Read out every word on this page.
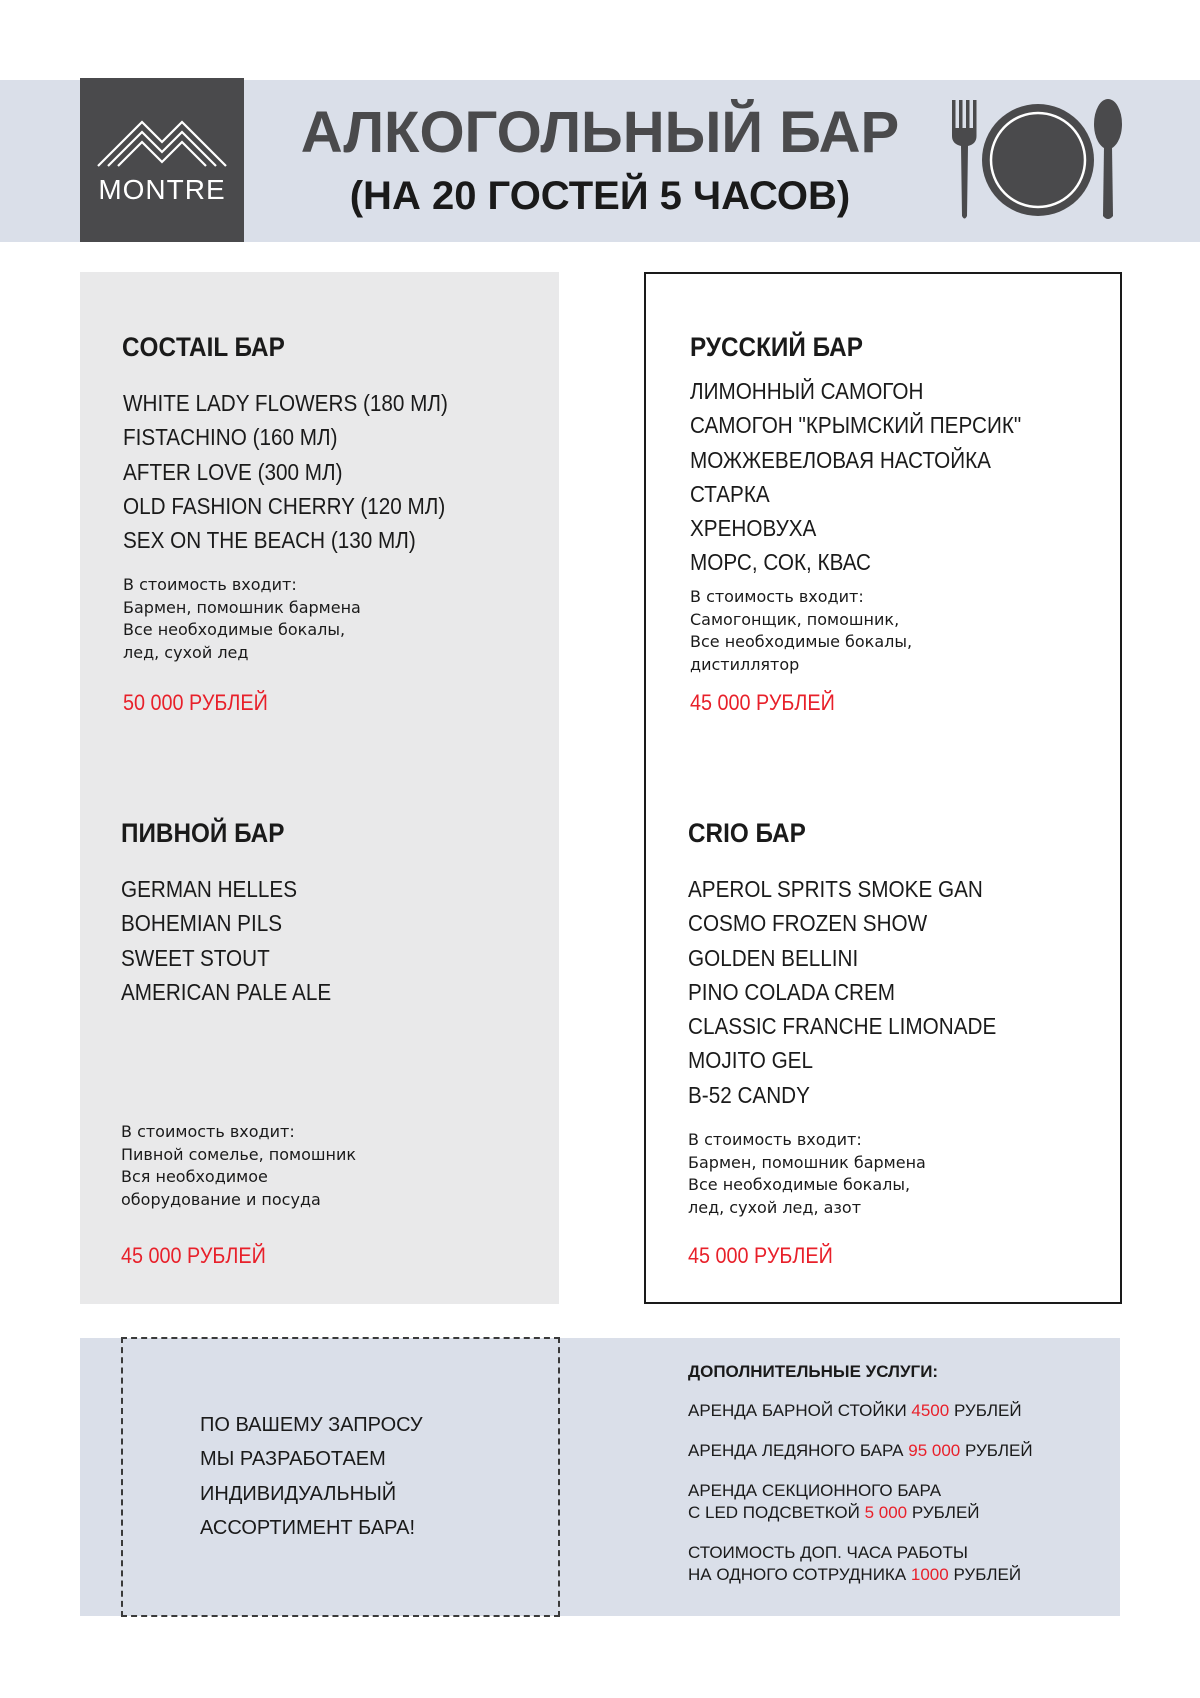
MONTRE
АЛКОГОЛЬНЫЙ БАР
(НА 20 ГОСТЕЙ 5 ЧАСОВ)
COCTAIL БАР
WHITE LADY FLOWERS (180 МЛ)
FISTACHINO (160 МЛ)
AFTER LOVE (300 МЛ)
OLD FASHION CHERRY (120 МЛ)
SEX ON THE BEACH (130 МЛ)
В стоимость входит:
Бармен, помошник бармена
Все необходимые бокалы,
лед, сухой лед
50 000 РУБЛЕЙ
РУССКИЙ БАР
ЛИМОННЫЙ САМОГОН
САМОГОН "КРЫМСКИЙ ПЕРСИК"
МОЖЖЕВЕЛОВАЯ НАСТОЙКА
СТАРКА
ХРЕНОВУХА
МОРС, СОК, КВАС
В стоимость входит:
Самогонщик, помошник,
Все необходимые бокалы,
дистиллятор
45 000 РУБЛЕЙ
ПИВНОЙ БАР
GERMAN HELLES
BOHEMIAN PILS
SWEET STOUT
AMERICAN PALE ALE
В стоимость входит:
Пивной сомелье, помошник
Вся необходимое
оборудование и посуда
45 000 РУБЛЕЙ
CRIO БАР
APEROL SPRITS SMOKE GAN
COSMO FROZEN SHOW
GOLDEN BELLINI
PINO COLADA CREM
CLASSIC FRANCHE LIMONADE
MOJITO GEL
B-52 CANDY
В стоимость входит:
Бармен, помошник бармена
Все необходимые бокалы,
лед, сухой лед, азот
45 000 РУБЛЕЙ
ПО ВАШЕМУ ЗАПРОСУ
МЫ РАЗРАБОТАЕМ
ИНДИВИДУАЛЬНЫЙ
АССОРТИМЕНТ БАРА!
ДОПОЛНИТЕЛЬНЫЕ УСЛУГИ:
АРЕНДА БАРНОЙ СТОЙКИ 4500 РУБЛЕЙ
АРЕНДА ЛЕДЯНОГО БАРА 95 000 РУБЛЕЙ
АРЕНДА СЕКЦИОННОГО БАРА
С LED ПОДСВЕТКОЙ 5 000 РУБЛЕЙ
СТОИМОСТЬ ДОП. ЧАСА РАБОТЫ
НА ОДНОГО СОТРУДНИКА 1000 РУБЛЕЙ
